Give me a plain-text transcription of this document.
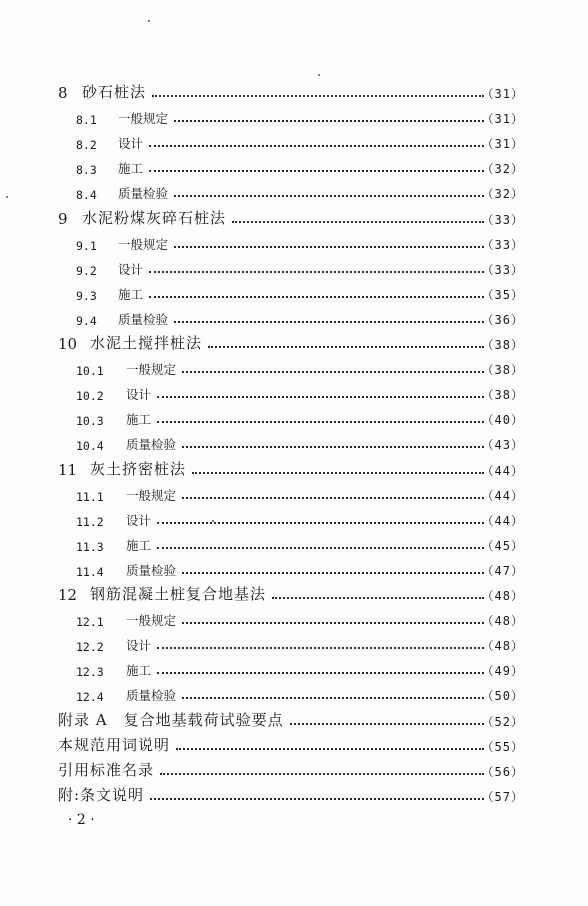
8 砂石桩法	（31）
8.1	一般规定	（31）
8.2	设计	（31）
8.3	施工	（32）
8.4	质量检验	（32）
9 水泥粉煤灰碎石桩法	（33）
9.1	一般规定	（33）
9.2	设计	（33）
9.3	施工	（35）
9.4	质量检验	（36）
10 水泥土搅拌桩法	（38）
10.1	一般规定	（38）
10.2	设计	（38）
10.3	施工	（40）
10.4	质量检验	（43）
11 灰土挤密桩法	（44）
11.1	一般规定	（44）
11.2	设计	（44）
11.3	施工	（45）
11.4	质量检验	（47）
12 钢筋混凝土桩复合地基法	（48）
12.1	一般规定	（48）
12.2	设计	（48）
12.3	施工	（49）
12.4	质量检验	（50）
附录 A　复合地基载荷试验要点	（52）
本规范用词说明	（55）
引用标准名录	（56）
附:条文说明	（57）
· 2 ·
